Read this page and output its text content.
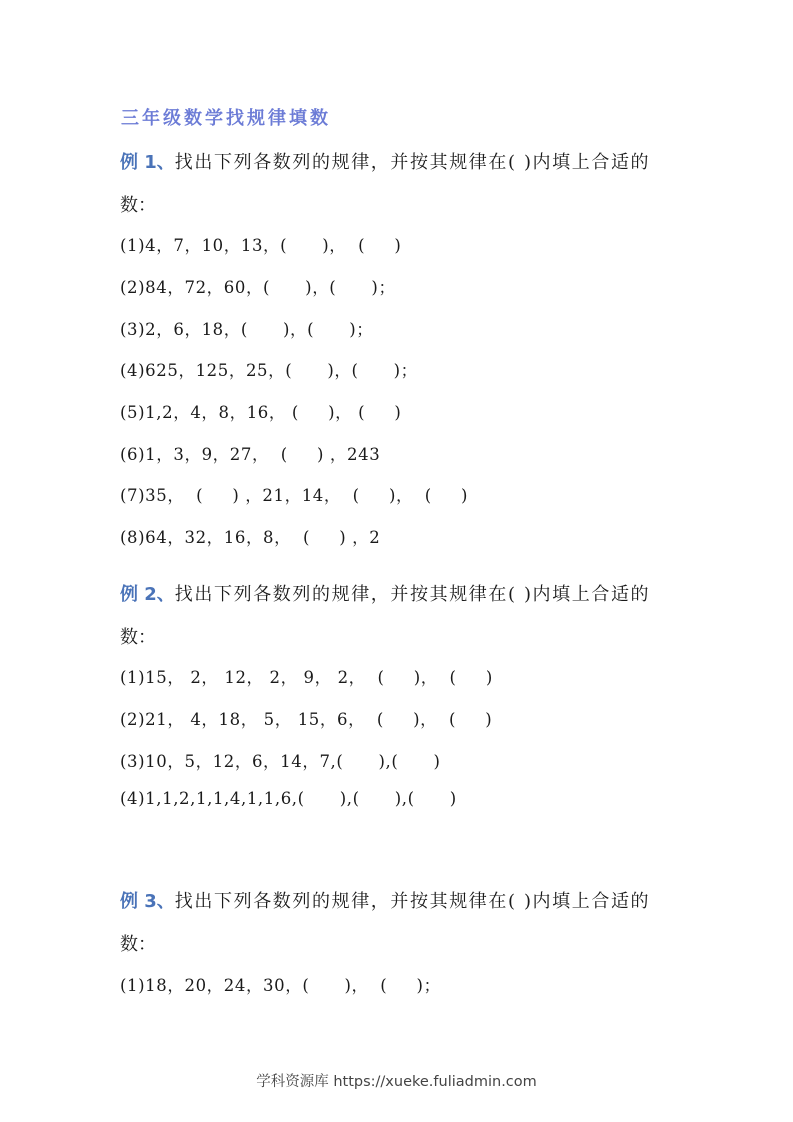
三年级数学找规律填数
例 1、找出下列各数列的规律，并按其规律在( )内填上合适的
数：
(1)4，7，10，13，(      )，  (     )
(2)84，72，60，(      )，(      )；
(3)2，6，18，(      )，(      )；
(4)625，125，25，(      )，(      )；
(5)1,2，4，8，16， (     )， (     )
(6)1，3，9，27，  (     ) ，243
(7)35，  (     ) ，21，14，  (     )，  (     )
(8)64，32，16，8，  (     ) ，2
例 2、找出下列各数列的规律，并按其规律在( )内填上合适的
数：
(1)15， 2， 12， 2， 9， 2，  (     )，  (     )
(2)21， 4，18， 5， 15，6，  (     )，  (     )
(3)10，5，12，6，14，7,(      ),(      )
(4)1,1,2,1,1,4,1,1,6,(      ),(      ),(      )
例 3、找出下列各数列的规律，并按其规律在( )内填上合适的
数：
(1)18，20，24，30，(      )，  (     )；
学科资源库 https://xueke.fuliadmin.com
